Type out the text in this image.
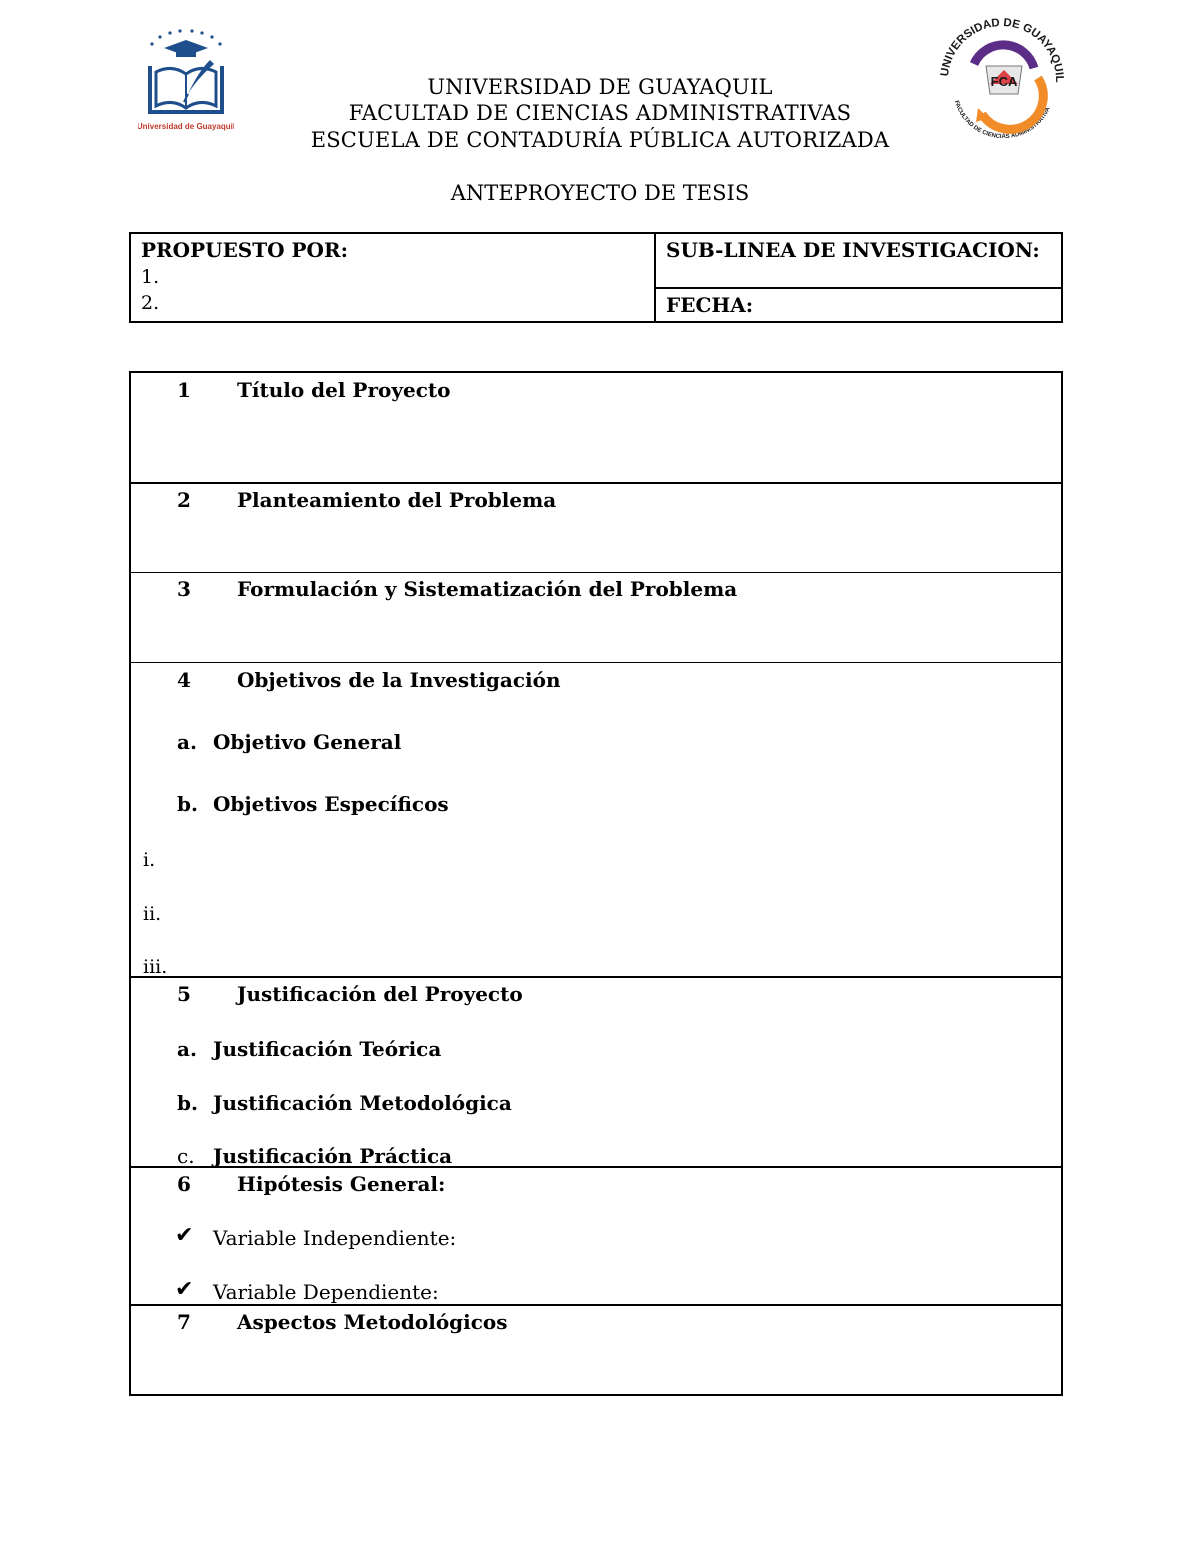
Universidad de Guayaquil
UNIVERSIDAD DE GUAYAQUIL
FACULTAD DE CIENCIAS ADMINISTRATIVA
FCA
UNIVERSIDAD DE GUAYAQUIL
FACULTAD DE CIENCIAS ADMINISTRATIVAS
ESCUELA DE CONTADURÍA PÚBLICA AUTORIZADA
ANTEPROYECTO DE TESIS
PROPUESTO POR:
1.
2.
SUB-LINEA DE INVESTIGACION:
FECHA:
1	Título del Proyecto
2	Planteamiento del Problema
3	Formulación y Sistematización del Problema
4	Objetivos de la Investigación
a. Objetivo General
b. Objetivos Específicos
i.
ii.
iii.
5	Justificación del Proyecto
a. Justificación Teórica
b. Justificación Metodológica
c. Justificación Práctica
6	Hipótesis General:
✔ Variable Independiente:
✔ Variable Dependiente:
7	Aspectos Metodológicos
